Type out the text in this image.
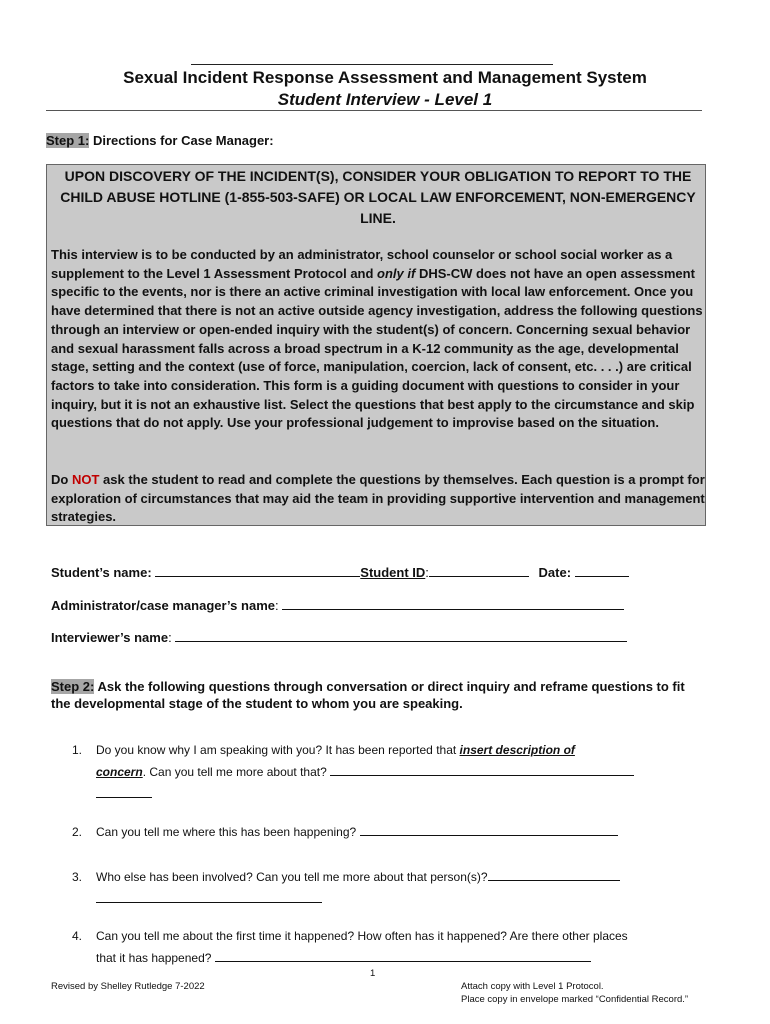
Sexual Incident Response Assessment and Management System
Student Interview - Level 1
Step 1: Directions for Case Manager:
UPON DISCOVERY OF THE INCIDENT(S), CONSIDER YOUR OBLIGATION TO REPORT TO THE CHILD ABUSE HOTLINE (1-855-503-SAFE) OR LOCAL LAW ENFORCEMENT, NON-EMERGENCY LINE.
This interview is to be conducted by an administrator, school counselor or school social worker as a supplement to the Level 1 Assessment Protocol and only if DHS-CW does not have an open assessment specific to the events, nor is there an active criminal investigation with local law enforcement. Once you have determined that there is not an active outside agency investigation, address the following questions through an interview or open-ended inquiry with the student(s) of concern. Concerning sexual behavior and sexual harassment falls across a broad spectrum in a K-12 community as the age, developmental stage, setting and the context (use of force, manipulation, coercion, lack of consent, etc. . . .) are critical factors to take into consideration. This form is a guiding document with questions to consider in your inquiry, but it is not an exhaustive list. Select the questions that best apply to the circumstance and skip questions that do not apply. Use your professional judgement to improvise based on the situation.
Do NOT ask the student to read and complete the questions by themselves. Each question is a prompt for exploration of circumstances that may aid the team in providing supportive intervention and management strategies.
Student’s name:	Student ID:	Date:
Administrator/case manager’s name:
Interviewer’s name:
Step 2: Ask the following questions through conversation or direct inquiry and reframe questions to fit the developmental stage of the student to whom you are speaking.
1. Do you know why I am speaking with you? It has been reported that insert description of
concern. Can you tell me more about that?

2. Can you tell me where this has been happening?
3. Who else has been involved? Can you tell me more about that person(s)?

4. Can you tell me about the first time it happened? How often has it happened? Are there other places that it has happened?
Revised by Shelley Rutledge 7-2022
1
Attach copy with Level 1 Protocol.
Place copy in envelope marked “Confidential Record.”
